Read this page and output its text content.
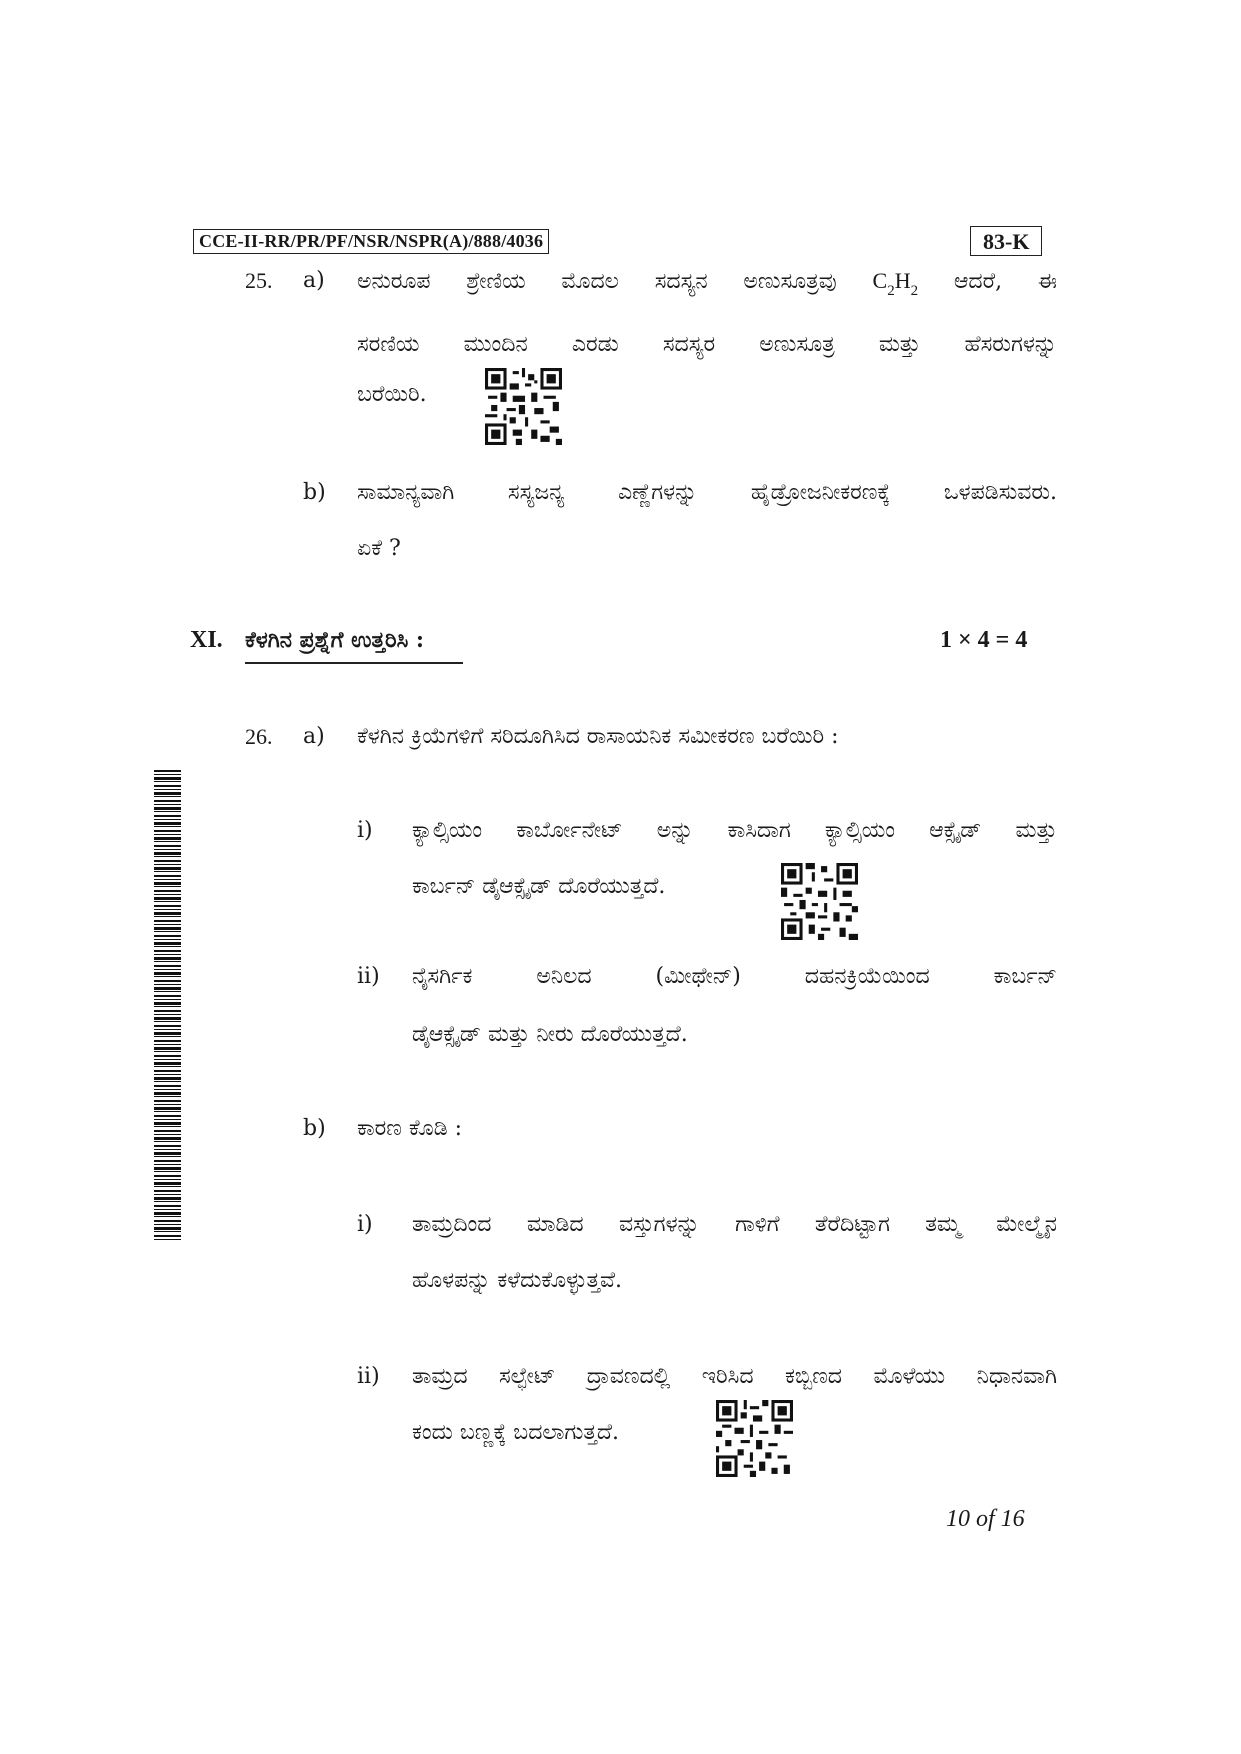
CCE-II-RR/PR/PF/NSR/NSPR(A)/888/4036	83-K
25. a) ಅನುರೂಪ ಶ್ರೇಣಿಯ ಮೊದಲ ಸದಸ್ಯನ ಅಣುಸೂತ್ರವು $C_2H_2$ ಆದರೆ, ಈ
ಸರಣಿಯ ಮುಂದಿನ ಎರಡು ಸದಸ್ಯರ ಅಣುಸೂತ್ರ ಮತ್ತು ಹೆಸರುಗಳನ್ನು
ಬರೆಯಿರಿ.
b) ಸಾಮಾನ್ಯವಾಗಿ ಸಸ್ಯಜನ್ಯ ಎಣ್ಣೆಗಳನ್ನು ಹೈಡ್ರೋಜನೀಕರಣಕ್ಕೆ ಒಳಪಡಿಸುವರು.
ಏಕೆ ?
XI. ಕೆಳಗಿನ ಪ್ರಶ್ನೆಗೆ ಉತ್ತರಿಸಿ :	1 × 4 = 4
26. a) ಕೆಳಗಿನ ಕ್ರಿಯೆಗಳಿಗೆ ಸರಿದೂಗಿಸಿದ ರಾಸಾಯನಿಕ ಸಮೀಕರಣ ಬರೆಯಿರಿ :
i) ಕ್ಯಾಲ್ಸಿಯಂ ಕಾರ್ಬೋನೇಟ್ ಅನ್ನು ಕಾಸಿದಾಗ ಕ್ಯಾಲ್ಸಿಯಂ ಆಕ್ಸೈಡ್ ಮತ್ತು
ಕಾರ್ಬನ್ ಡೈಆಕ್ಸೈಡ್ ದೊರೆಯುತ್ತದೆ.
ii) ನೈಸರ್ಗಿಕ ಅನಿಲದ (ಮೀಥೇನ್) ದಹನಕ್ರಿಯೆಯಿಂದ ಕಾರ್ಬನ್
ಡೈಆಕ್ಸೈಡ್ ಮತ್ತು ನೀರು ದೊರೆಯುತ್ತದೆ.
b) ಕಾರಣ ಕೊಡಿ :
i) ತಾಮ್ರದಿಂದ ಮಾಡಿದ ವಸ್ತುಗಳನ್ನು ಗಾಳಿಗೆ ತೆರೆದಿಟ್ಟಾಗ ತಮ್ಮ ಮೇಲ್ಮೈನ
ಹೊಳಪನ್ನು ಕಳೆದುಕೊಳ್ಳುತ್ತವೆ.
ii) ತಾಮ್ರದ ಸಲ್ಫೇಟ್ ದ್ರಾವಣದಲ್ಲಿ ಇರಿಸಿದ ಕಬ್ಬಿಣದ ಮೊಳೆಯು ನಿಧಾನವಾಗಿ
ಕಂದು ಬಣ್ಣಕ್ಕೆ ಬದಲಾಗುತ್ತದೆ.
10 of 16
